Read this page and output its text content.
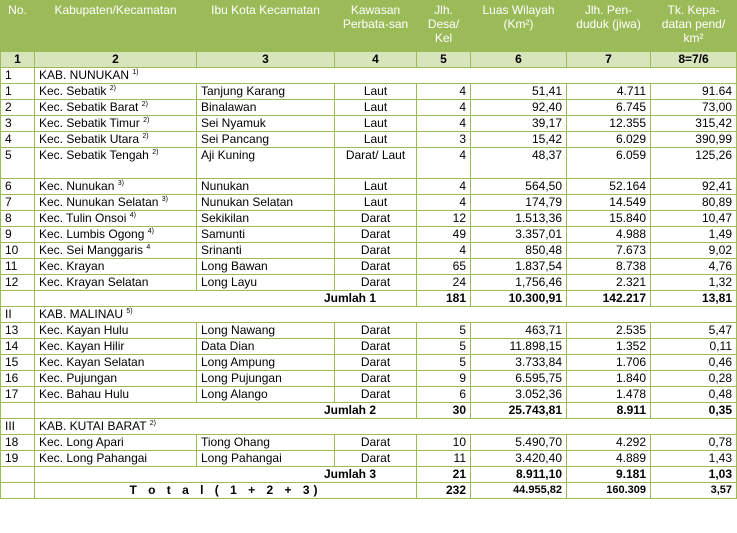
No.	Kabupaten/Kecamatan	Ibu Kota Kecamatan	Kawasan Perbata-san	Jlh. Desa/ Kel	Luas Wilayah (Km²)	Jlh. Pen-duduk (jiwa)	Tk. Kepa-datan pend/ km²
1	2	3	4	5	6	7	8=7/6
1	KAB. NUNUKAN $^{1)}$
1	Kec. Sebatik $^{2)}$	Tanjung Karang	Laut	4	51,41	4.711	91.64
2	Kec. Sebatik Barat $^{2)}$	Binalawan	Laut	4	92,40	6.745	73,00
3	Kec. Sebatik Timur $^{2)}$	Sei Nyamuk	Laut	4	39,17	12.355	315,42
4	Kec. Sebatik Utara $^{2)}$	Sei Pancang	Laut	3	15,42	6.029	390,99
5	Kec. Sebatik Tengah $^{2)}$	Aji Kuning	Darat/ Laut	4	48,37	6.059	125,26
6	Kec. Nunukan $^{3)}$	Nunukan	Laut	4	564,50	52.164	92,41
7	Kec. Nunukan Selatan $^{3)}$	Nunukan Selatan	Laut	4	174,79	14.549	80,89
8	Kec. Tulin Onsoi $^{4)}$	Sekikilan	Darat	12	1.513,36	15.840	10,47
9	Kec. Lumbis Ogong $^{4)}$	Samunti	Darat	49	3.357,01	4.988	1,49
10	Kec. Sei Manggaris $^4$	Srinanti	Darat	4	850,48	7.673	9,02
11	Kec. Krayan	Long Bawan	Darat	65	1.837,54	8.738	4,76
12	Kec. Krayan Selatan	Long Layu	Darat	24	1,756,46	2.321	1,32
	Jumlah 1			181	10.300,91	142.217	13,81
II	KAB. MALINAU $^{5)}$
13	Kec. Kayan Hulu	Long Nawang	Darat	5	463,71	2.535	5,47
14	Kec. Kayan Hilir	Data Dian	Darat	5	11.898,15	1.352	0,11
15	Kec. Kayan Selatan	Long Ampung	Darat	5	3.733,84	1.706	0,46
16	Kec. Pujungan	Long Pujungan	Darat	9	6.595,75	1.840	0,28
17	Kec. Bahau Hulu	Long Alango	Darat	6	3.052,36	1.478	0,48
	Jumlah 2			30	25.743,81	8.911	0,35
III	KAB. KUTAI BARAT $^{2)}$
18	Kec. Long Apari	Tiong Ohang	Darat	10	5.490,70	4.292	0,78
19	Kec. Long Pahangai	Long Pahangai	Darat	11	3.420,40	4.889	1,43
	Jumlah 3			21	8.911,10	9.181	1,03
	T o t a l ( 1 + 2 + 3)			232	44.955,82	160.309	3,57
